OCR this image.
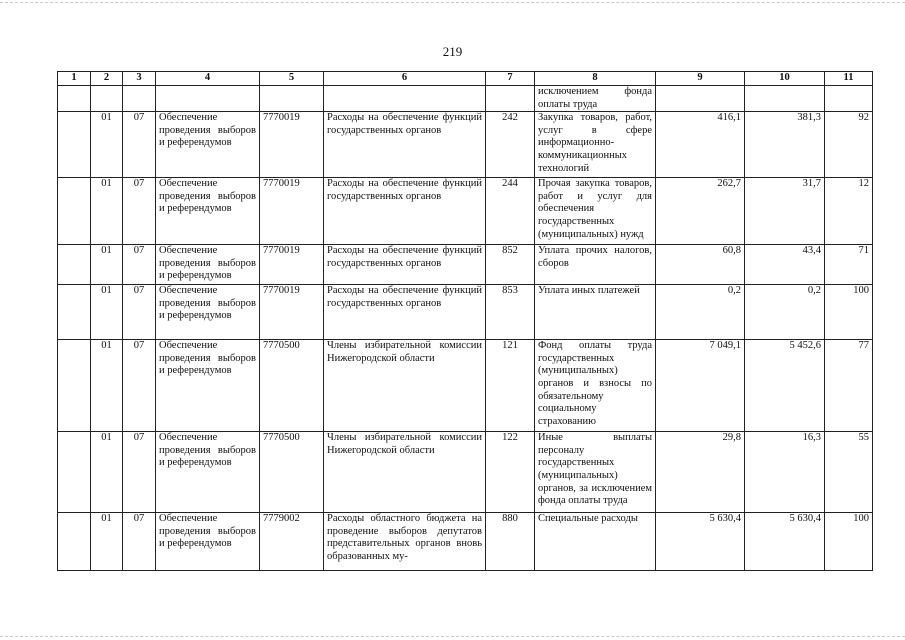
219
1	2	3	4	5	6	7	8	9	10	11
							исключением фонда оплаты труда			
	01	07	Обеспечение проведения выборов и референдумов	7770019	Расходы на обеспечение функций государственных органов	242	Закупка товаров, работ, услуг в сфере информационно-коммуникационных технологий	416,1	381,3	92
	01	07	Обеспечение проведения выборов и референдумов	7770019	Расходы на обеспечение функций государственных органов	244	Прочая закупка товаров, работ и услуг для обеспечения государственных (муниципальных) нужд	262,7	31,7	12
	01	07	Обеспечение проведения выборов и референдумов	7770019	Расходы на обеспечение функций государственных органов	852	Уплата прочих налогов, сборов	60,8	43,4	71
	01	07	Обеспечение проведения выборов и референдумов	7770019	Расходы на обеспечение функций государственных органов	853	Уплата иных платежей	0,2	0,2	100
	01	07	Обеспечение проведения выборов и референдумов	7770500	Члены избирательной комиссии Нижегородской области	121	Фонд оплаты труда государственных (муниципальных) органов и взносы по обязательному социальному страхованию	7 049,1	5 452,6	77
	01	07	Обеспечение проведения выборов и референдумов	7770500	Члены избирательной комиссии Нижегородской области	122	Иные выплаты персоналу государственных (муниципальных) органов, за исключением фонда оплаты труда	29,8	16,3	55
	01	07	Обеспечение проведения выборов и референдумов	7779002	Расходы областного бюджета на проведение выборов депутатов представительных органов вновь образованных му-	880	Специальные расходы	5 630,4	5 630,4	100
